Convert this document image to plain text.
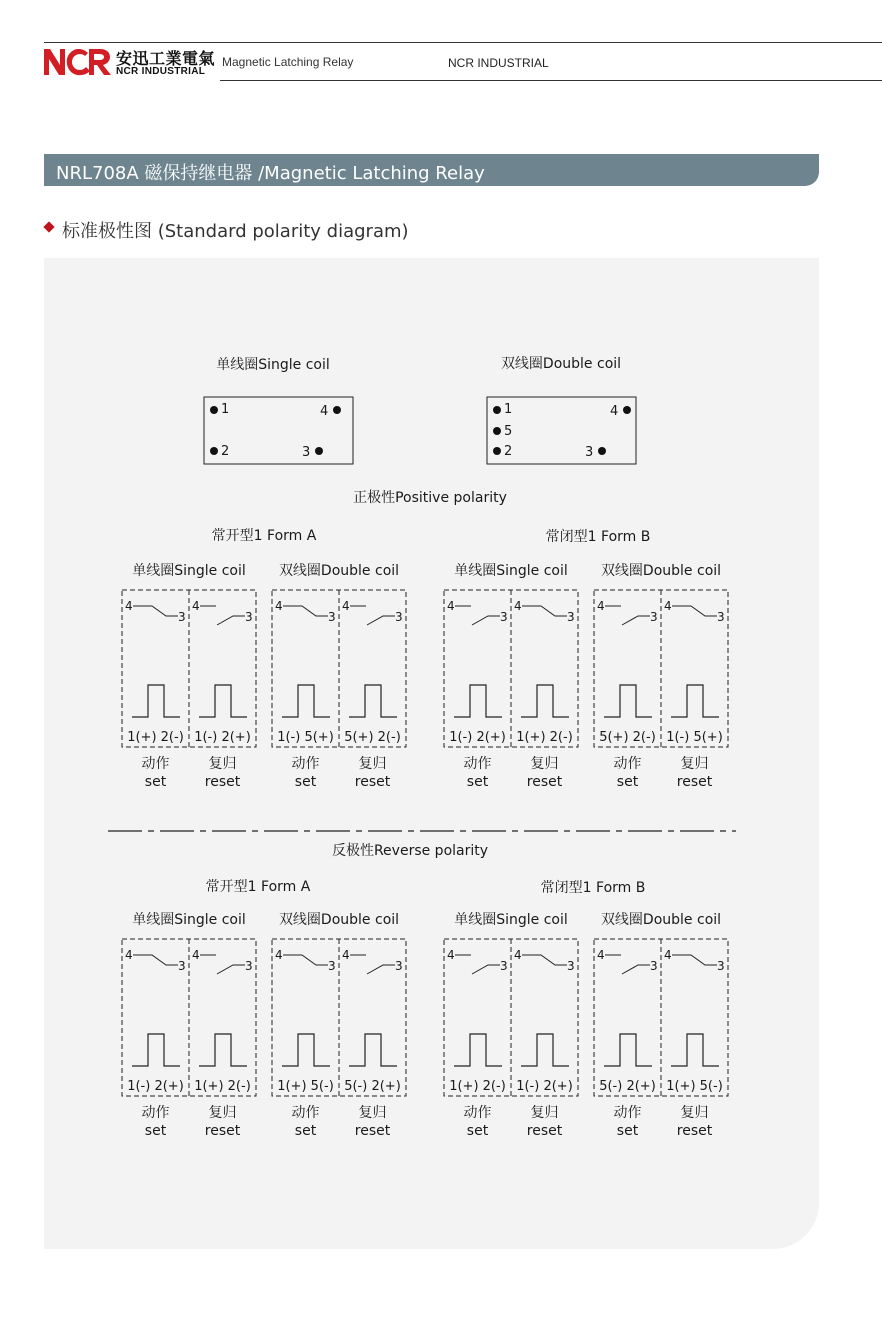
安迅工業電氣
NCR INDUSTRIAL
Magnetic Latching Relay	NCR INDUSTRIAL
NRL708A 磁保持继电器 /Magnetic Latching Relay
标准极性图 (Standard polarity diagram)
单线圈Single coil
1	4
2	3
双线圈Double coil
1	4
5
2	3
正极性Positive polarity
常开型1 Form A	常闭型1 Form B
反极性Reverse polarity
常开型1 Form A	常闭型1 Form B
单线圈Single coil
4
3
1(+) 2(-)
动作
set
4
3
1(-) 2(+)
复归
reset
双线圈Double coil
4
3
1(-) 5(+)
动作
set
4
3
5(+) 2(-)
复归
reset
单线圈Single coil
4
3
1(-) 2(+)
动作
set
4
3
1(+) 2(-)
复归
reset
双线圈Double coil
4
3
5(+) 2(-)
动作
set
4
3
1(-) 5(+)
复归
reset
单线圈Single coil
4
3
1(-) 2(+)
动作
set
4
3
1(+) 2(-)
复归
reset
双线圈Double coil
4
3
1(+) 5(-)
动作
set
4
3
5(-) 2(+)
复归
reset
单线圈Single coil
4
3
1(+) 2(-)
动作
set
4
3
1(-) 2(+)
复归
reset
双线圈Double coil
4
3
5(-) 2(+)
动作
set
4
3
1(+) 5(-)
复归
reset
